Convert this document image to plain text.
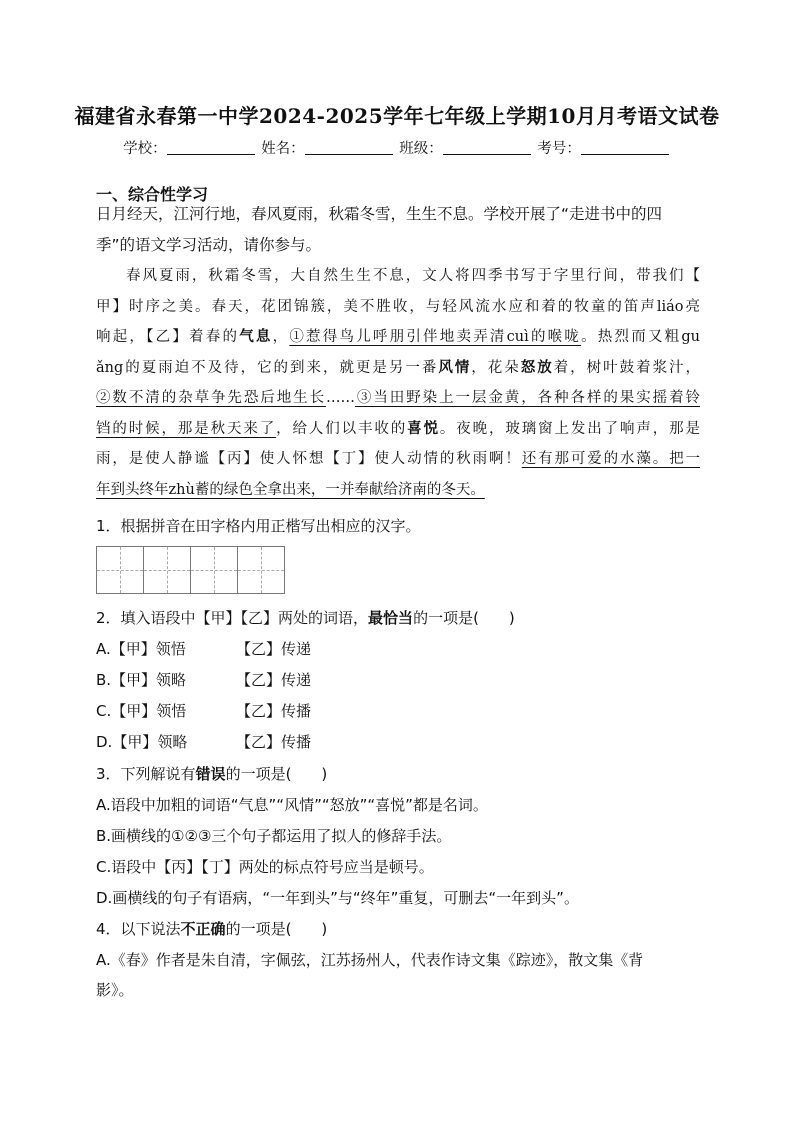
福建省永春第一中学2024-2025学年七年级上学期10月月考语文试卷
学校：	姓名：	班级：	考号：
一、综合性学习
日月经天，江河行地，春风夏雨，秋霜冬雪，生生不息。学校开展了“走进书中的四
季”的语文学习活动，请你参与。
春风夏雨，秋霜冬雪，大自然生生不息，文人将四季书写于字里行间，带我们【
甲】时序之美。春天，花团锦簇，美不胜收，与轻风流水应和着的牧童的笛声liáo亮
响起，【乙】着春的气息，①惹得鸟儿呼朋引伴地卖弄清cuì的喉咙。热烈而又粗gu
ǎng的夏雨迫不及待，它的到来，就更是另一番风情，花朵怒放着，树叶鼓着浆汁，
②数不清的杂草争先恐后地生长……③当田野染上一层金黄，各种各样的果实摇着铃
铛的时候，那是秋天来了，给人们以丰收的喜悦。夜晚，玻璃窗上发出了响声，那是
雨，是使人静谧【丙】使人怀想【丁】使人动情的秋雨啊！还有那可爱的水藻。把一
年到头终年zhù蓄的绿色全拿出来，一并奉献给济南的冬天。
1．根据拼音在田字格内用正楷写出相应的汉字。
2．填入语段中【甲】【乙】两处的词语，最恰当的一项是(　　)
A.【甲】领悟	【乙】传递
B.【甲】领略	【乙】传递
C.【甲】领悟	【乙】传播
D.【甲】领略	【乙】传播
3．下列解说有错误的一项是(　　)
A.语段中加粗的词语“气息”“风情”“怒放”“喜悦”都是名词。
B.画横线的①②③三个句子都运用了拟人的修辞手法。
C.语段中【丙】【丁】两处的标点符号应当是顿号。
D.画横线的句子有语病，“一年到头”与“终年”重复，可删去“一年到头”。
4．以下说法不正确的一项是(　　)
A.《春》作者是朱自清，字佩弦，江苏扬州人，代表作诗文集《踪迹》，散文集《背
影》。
